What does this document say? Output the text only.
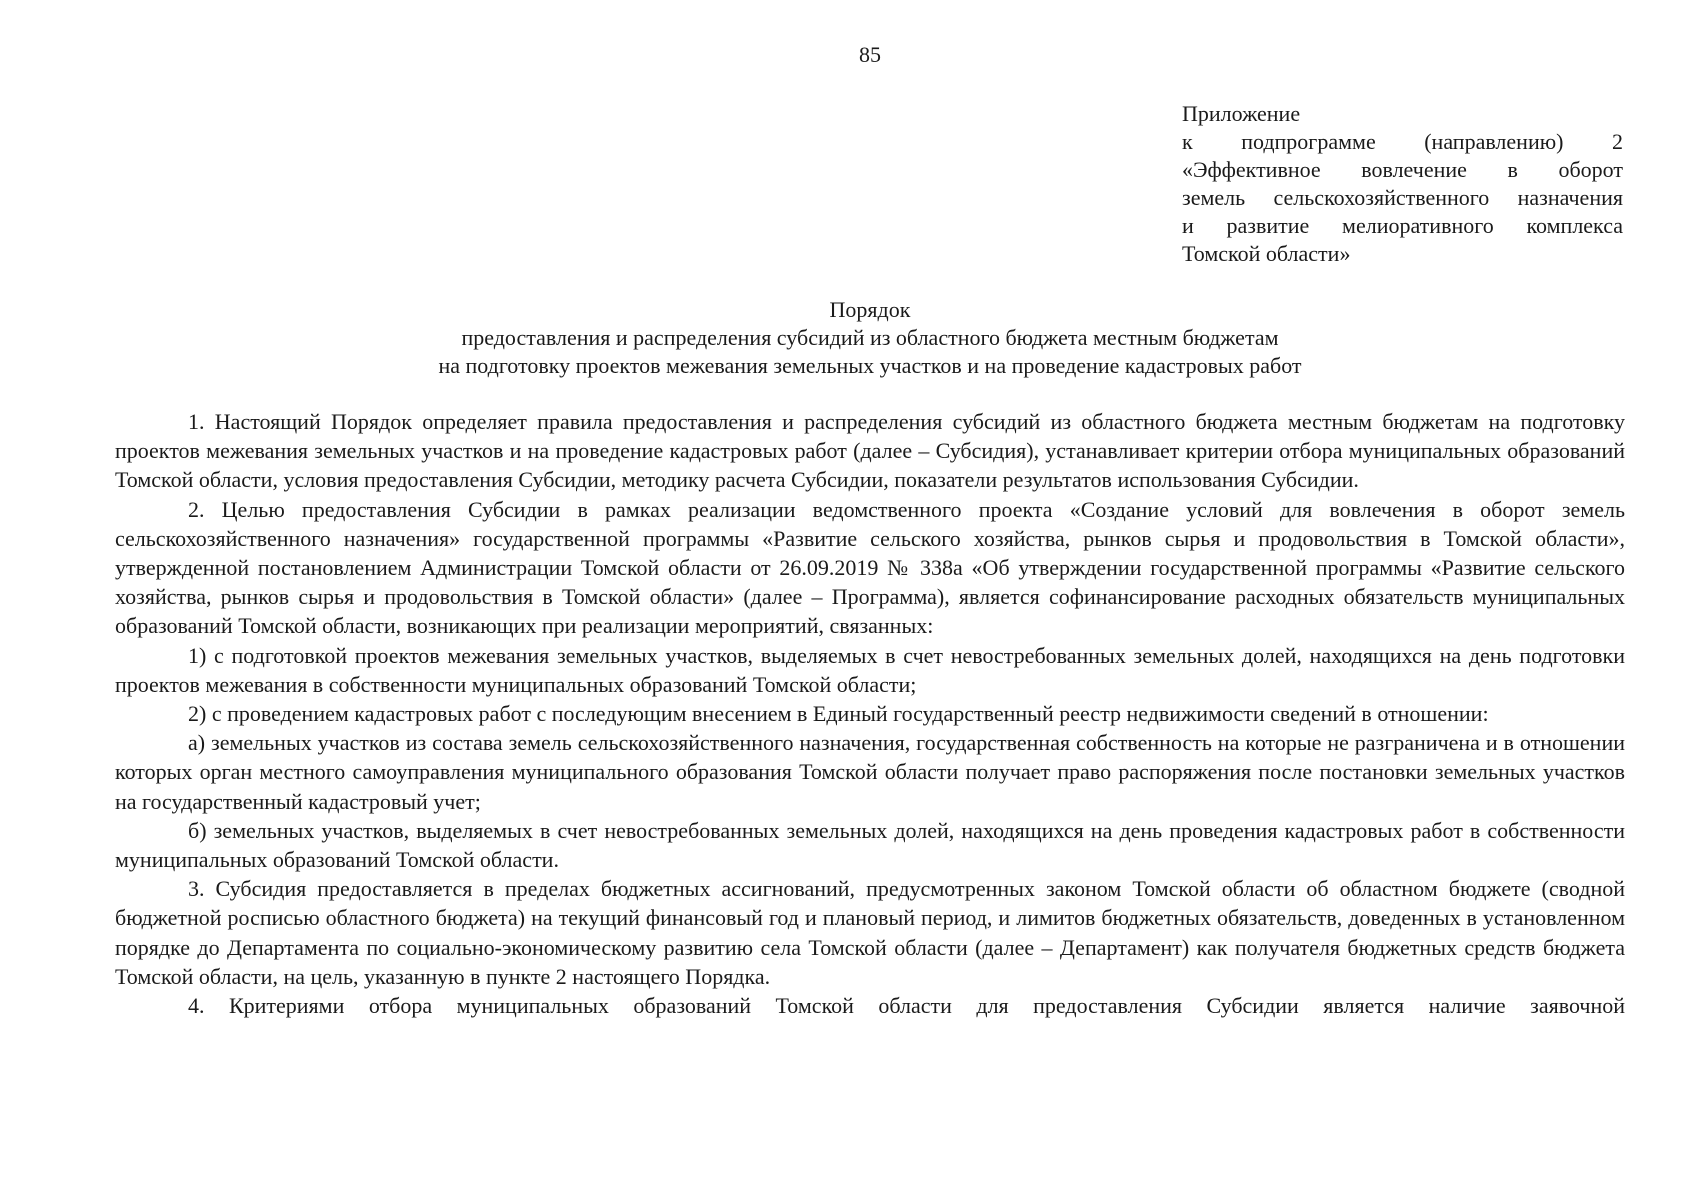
85
Приложение
к подпрограмме (направлению) 2
«Эффективное вовлечение в оборот
земель сельскохозяйственного назначения
и развитие мелиоративного комплекса
Томской области»
Порядок
предоставления и распределения субсидий из областного бюджета местным бюджетам
на подготовку проектов межевания земельных участков и на проведение кадастровых работ

1. Настоящий Порядок определяет правила предоставления и распределения субсидий из областного бюджета местным бюджетам на подготовку проектов межевания земельных участков и на проведение кадастровых работ (далее – Субсидия), устанавливает критерии отбора муниципальных образований Томской области, условия предоставления Субсидии, методику расчета Субсидии, показатели результатов использования Субсидии.

2. Целью предоставления Субсидии в рамках реализации ведомственного проекта «Создание условий для вовлечения в оборот земель сельскохозяйственного назначения» государственной программы «Развитие сельского хозяйства, рынков сырья и продовольствия в Томской области», утвержденной постановлением Администрации Томской области от 26.09.2019 № 338а «Об утверждении государственной программы «Развитие сельского хозяйства, рынков сырья и продовольствия в Томской области» (далее – Программа), является софинансирование расходных обязательств муниципальных образований Томской области, возникающих при реализации мероприятий, связанных:

1) с подготовкой проектов межевания земельных участков, выделяемых в счет невостребованных земельных долей, находящихся на день подготовки проектов межевания в собственности муниципальных образований Томской области;

2) с проведением кадастровых работ с последующим внесением в Единый государственный реестр недвижимости сведений в отношении:

а) земельных участков из состава земель сельскохозяйственного назначения, государственная собственность на которые не разграничена и в отношении которых орган местного самоуправления муниципального образования Томской области получает право распоряжения после постановки земельных участков на государственный кадастровый учет;

б) земельных участков, выделяемых в счет невостребованных земельных долей, находящихся на день проведения кадастровых работ в собственности муниципальных образований Томской области.

3. Субсидия предоставляется в пределах бюджетных ассигнований, предусмотренных законом Томской области об областном бюджете (сводной бюджетной росписью областного бюджета) на текущий финансовый год и плановый период, и лимитов бюджетных обязательств, доведенных в установленном порядке до Департамента по социально-экономическому развитию села Томской области (далее – Департамент) как получателя бюджетных средств бюджета Томской области, на цель, указанную в пункте 2 настоящего Порядка.

4. Критериями отбора муниципальных образований Томской области для предоставления Субсидии является наличие заявочной
